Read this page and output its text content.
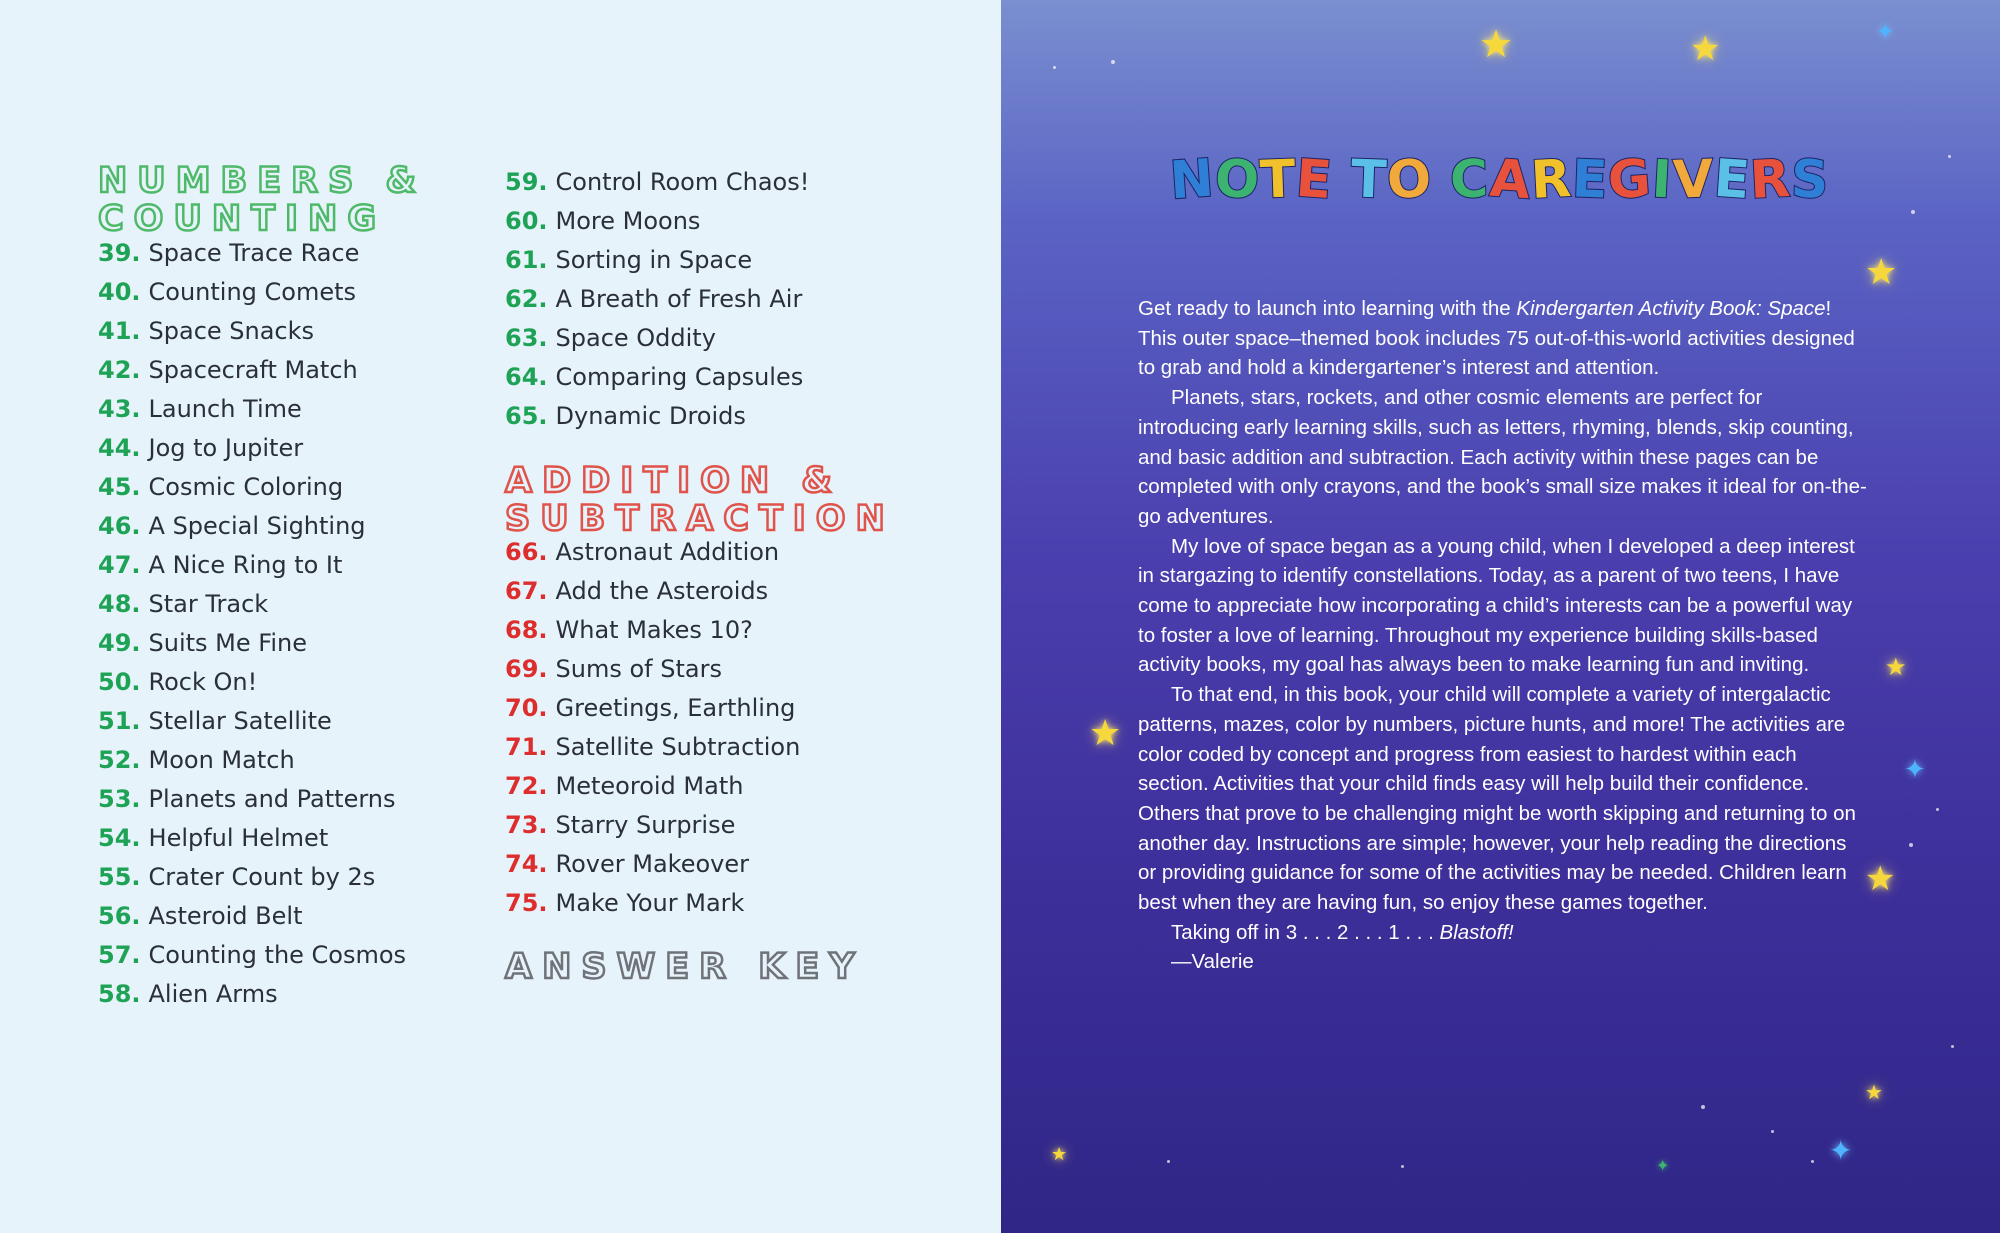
NUMBERS &
COUNTING
39. Space Trace Race
40. Counting Comets
41. Space Snacks
42. Spacecraft Match
43. Launch Time
44. Jog to Jupiter
45. Cosmic Coloring
46. A Special Sighting
47. A Nice Ring to It
48. Star Track
49. Suits Me Fine
50. Rock On!
51. Stellar Satellite
52. Moon Match
53. Planets and Patterns
54. Helpful Helmet
55. Crater Count by 2s
56. Asteroid Belt
57. Counting the Cosmos
58. Alien Arms
59. Control Room Chaos!
60. More Moons
61. Sorting in Space
62. A Breath of Fresh Air
63. Space Oddity
64. Comparing Capsules
65. Dynamic Droids
ADDITION &
SUBTRACTION
66. Astronaut Addition
67. Add the Asteroids
68. What Makes 10?
69. Sums of Stars
70. Greetings, Earthling
71. Satellite Subtraction
72. Meteoroid Math
73. Starry Surprise
74. Rover Makeover
75. Make Your Mark
ANSWER KEY
★	★
★
★
★
★
★
★
✦
✦
✦
✦
NOTE TO CAREGIVERS

Get ready to launch into learning with the Kindergarten Activity Book: Space! This outer space–themed book includes 75 out-of-this-world activities designed to grab and hold a kindergartener’s interest and attention.

Planets, stars, rockets, and other cosmic elements are perfect for introducing early learning skills, such as letters, rhyming, blends, skip counting, and basic addition and subtraction. Each activity within these pages can be completed with only crayons, and the book’s small size makes it ideal for on-the-go adventures.

My love of space began as a young child, when I developed a deep interest in stargazing to identify constellations. Today, as a parent of two teens, I have come to appreciate how incorporating a child’s interests can be a powerful way to foster a love of learning. Throughout my experience building skills-based activity books, my goal has always been to make learning fun and inviting.

To that end, in this book, your child will complete a variety of intergalactic patterns, mazes, color by numbers, picture hunts, and more! The activities are color coded by concept and progress from easiest to hardest within each section. Activities that your child finds easy will help build their confidence. Others that prove to be challenging might be worth skipping and returning to on another day. Instructions are simple; however, your help reading the directions or providing guidance for some of the activities may be needed. Children learn best when they are having fun, so enjoy these games together.

Taking off in 3 . . . 2 . . . 1 . . . Blastoff!

—Valerie
